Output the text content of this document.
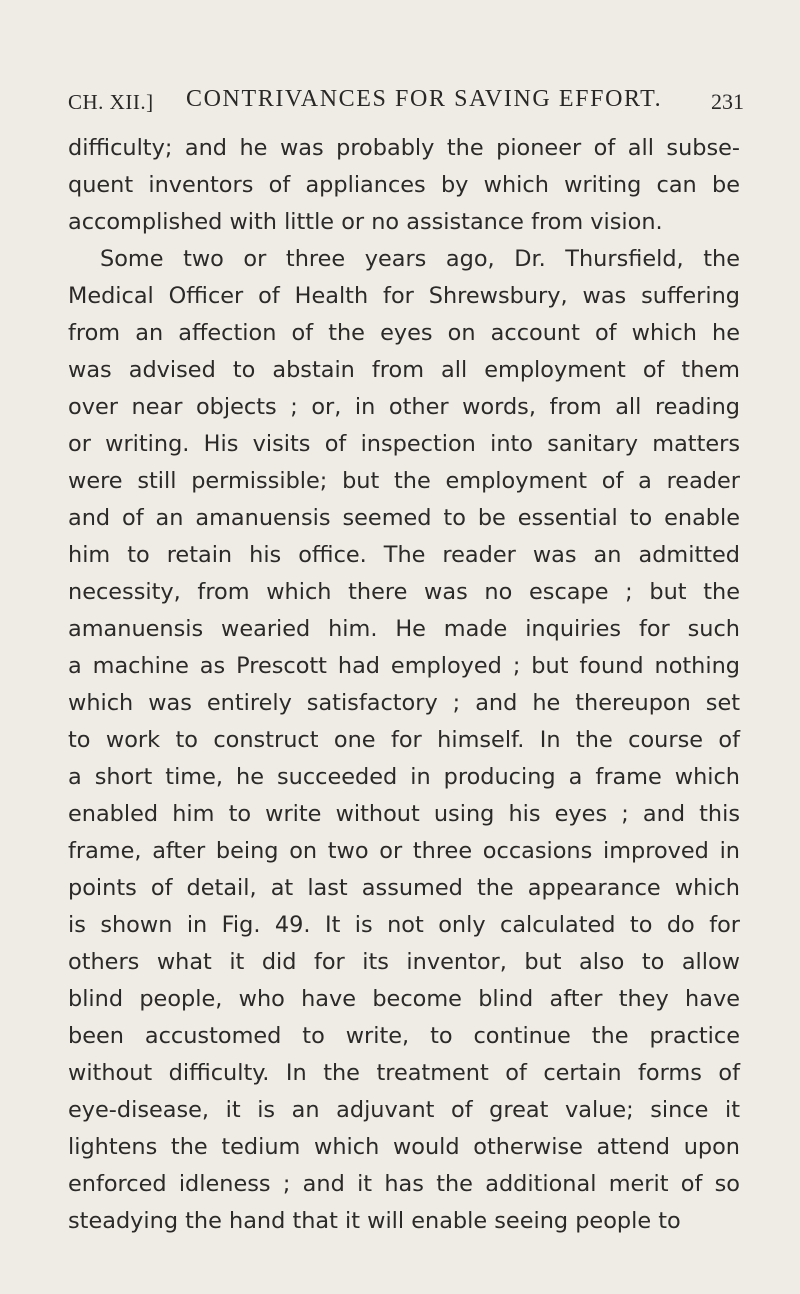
CH. XII.] CONTRIVANCES FOR SAVING EFFORT. 231
difficulty; and he was probably the pioneer of all subse-
quent inventors of appliances by which writing can be
accomplished with little or no assistance from vision.
Some two or three years ago, Dr. Thursfield, the
Medical Officer of Health for Shrewsbury, was suffering
from an affection of the eyes on account of which he
was advised to abstain from all employment of them
over near objects ; or, in other words, from all reading
or writing. His visits of inspection into sanitary matters
were still permissible; but the employment of a reader
and of an amanuensis seemed to be essential to enable
him to retain his office. The reader was an admitted
necessity, from which there was no escape ; but the
amanuensis wearied him. He made inquiries for such
a machine as Prescott had employed ; but found nothing
which was entirely satisfactory ; and he thereupon set
to work to construct one for himself. In the course of
a short time, he succeeded in producing a frame which
enabled him to write without using his eyes ; and this
frame, after being on two or three occasions improved in
points of detail, at last assumed the appearance which
is shown in Fig. 49. It is not only calculated to do for
others what it did for its inventor, but also to allow
blind people, who have become blind after they have
been accustomed to write, to continue the practice
without difficulty. In the treatment of certain forms of
eye-disease, it is an adjuvant of great value; since it
lightens the tedium which would otherwise attend upon
enforced idleness ; and it has the additional merit of so
steadying the hand that it will enable seeing people to
